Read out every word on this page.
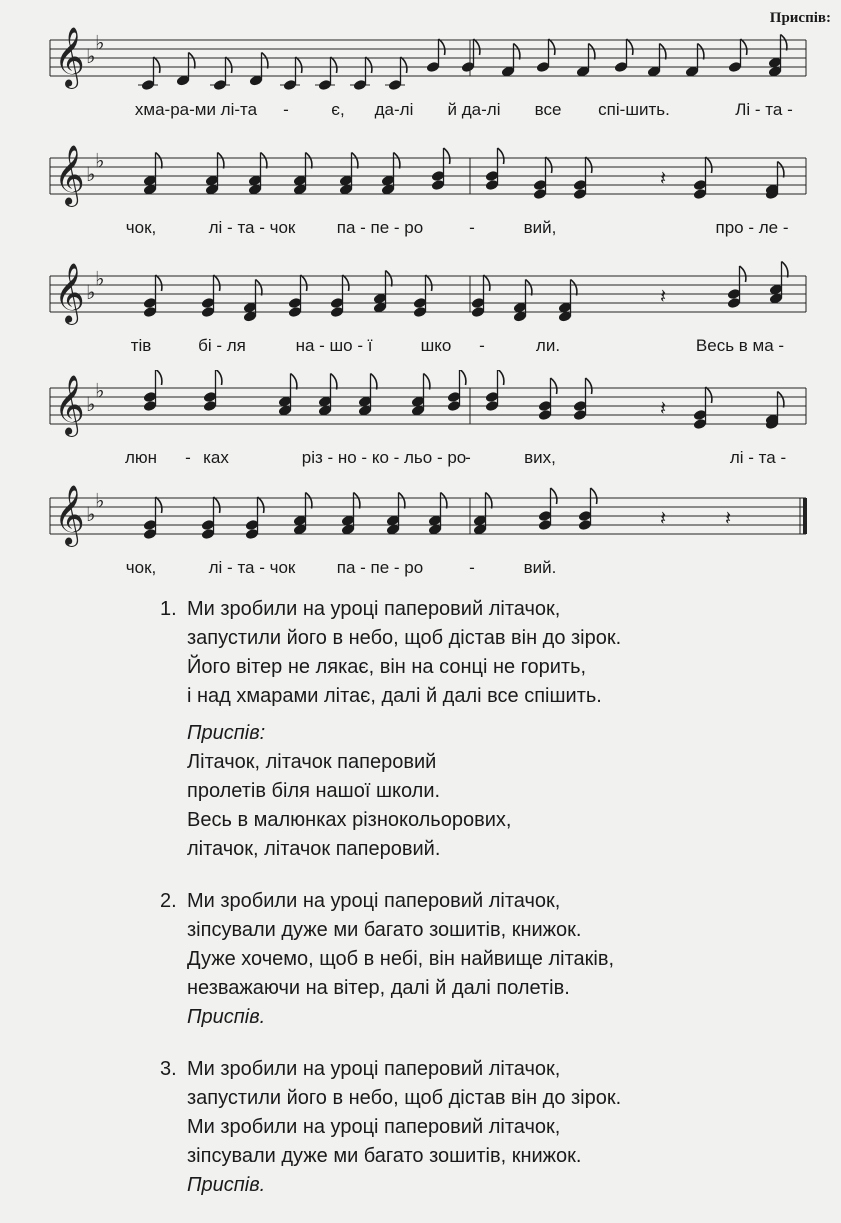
Приспів:
𝄞 ♭
♭
хма-ра-ми лі-та - є, да-лі й да-лі все спі-шить.	Лі - та -
𝄞 ♭
♭
𝄽
чок,	лі - та - чок па - пе - ро	-	вий,	про - ле -
𝄞 ♭
♭
𝄽
тів	бі - ля	на - шо - ї	шко -	ли.	Весь в ма -
𝄞 ♭
♭
𝄽
люн - ках	різ - но - ко - льо - ро
-	вих,	лі - та -
𝄞 ♭
♭
𝄽	𝄽
чок,	лі - та - чок па - пе - ро	-	вий.
1. Ми зробили на уроці паперовий літачок,
запустили його в небо, щоб дістав він до зірок.
Його вітер не лякає, він на сонці не горить,
і над хмарами літає, далі й далі все спішить.
Приспів:
Літачок, літачок паперовий
пролетів біля нашої школи.
Весь в малюнках різнокольорових,
літачок, літачок паперовий.
2. Ми зробили на уроці паперовий літачок,
зіпсували дуже ми багато зошитів, книжок.
Дуже хочемо, щоб в небі, він найвище літаків,
незважаючи на вітер, далі й далі полетів.
Приспів.
3. Ми зробили на уроці паперовий літачок,
запустили його в небо, щоб дістав він до зірок.
Ми зробили на уроці паперовий літачок,
зіпсували дуже ми багато зошитів, книжок.
Приспів.
